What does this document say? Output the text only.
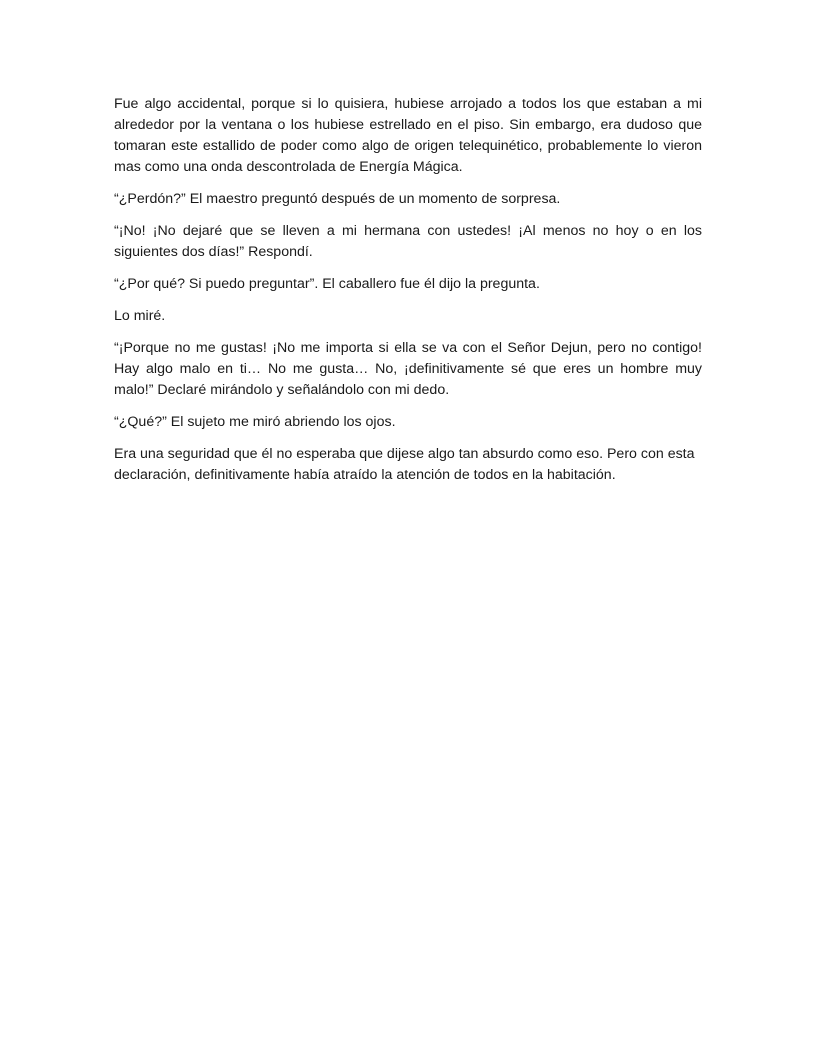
Fue algo accidental, porque si lo quisiera, hubiese arrojado a todos los que estaban a mi alrededor por la ventana o los hubiese estrellado en el piso. Sin embargo, era dudoso que tomaran este estallido de poder como algo de origen telequinético, probablemente lo vieron mas como una onda descontrolada de Energía Mágica.

“¿Perdón?” El maestro preguntó después de un momento de sorpresa.

“¡No! ¡No dejaré que se lleven a mi hermana con ustedes! ¡Al menos no hoy o en los siguientes dos días!” Respondí.

“¿Por qué? Si puedo preguntar”. El caballero fue él dijo la pregunta.

Lo miré.

“¡Porque no me gustas! ¡No me importa si ella se va con el Señor Dejun, pero no contigo! Hay algo malo en ti… No me gusta… No, ¡definitivamente sé que eres un hombre muy malo!” Declaré mirándolo y señalándolo con mi dedo.

“¿Qué?” El sujeto me miró abriendo los ojos.

Era una seguridad que él no esperaba que dijese algo tan absurdo como eso. Pero con esta declaración, definitivamente había atraído la atención de todos en la habitación.
